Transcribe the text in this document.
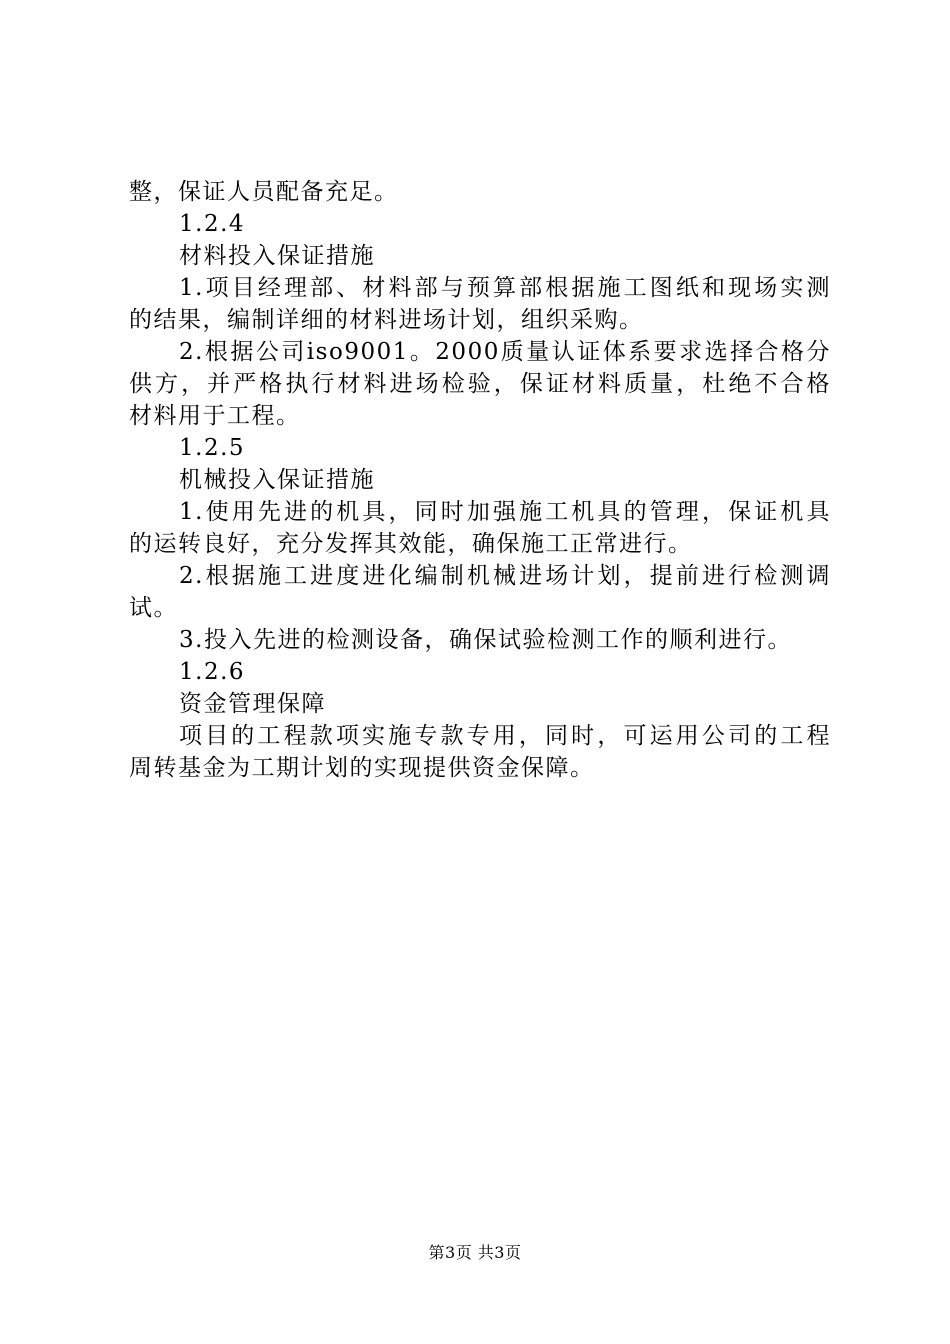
整，保证人员配备充足。
1.2.4
材料投入保证措施
1.项目经理部、材料部与预算部根据施工图纸和现场实测
的结果，编制详细的材料进场计划，组织采购。
2.根据公司iso9001。2000质量认证体系要求选择合格分
供方，并严格执行材料进场检验，保证材料质量，杜绝不合格
材料用于工程。
1.2.5
机械投入保证措施
1.使用先进的机具，同时加强施工机具的管理，保证机具
的运转良好，充分发挥其效能，确保施工正常进行。
2.根据施工进度进化编制机械进场计划，提前进行检测调
试。
3.投入先进的检测设备，确保试验检测工作的顺利进行。
1.2.6
资金管理保障
项目的工程款项实施专款专用，同时，可运用公司的工程
周转基金为工期计划的实现提供资金保障。
第3页 共3页
